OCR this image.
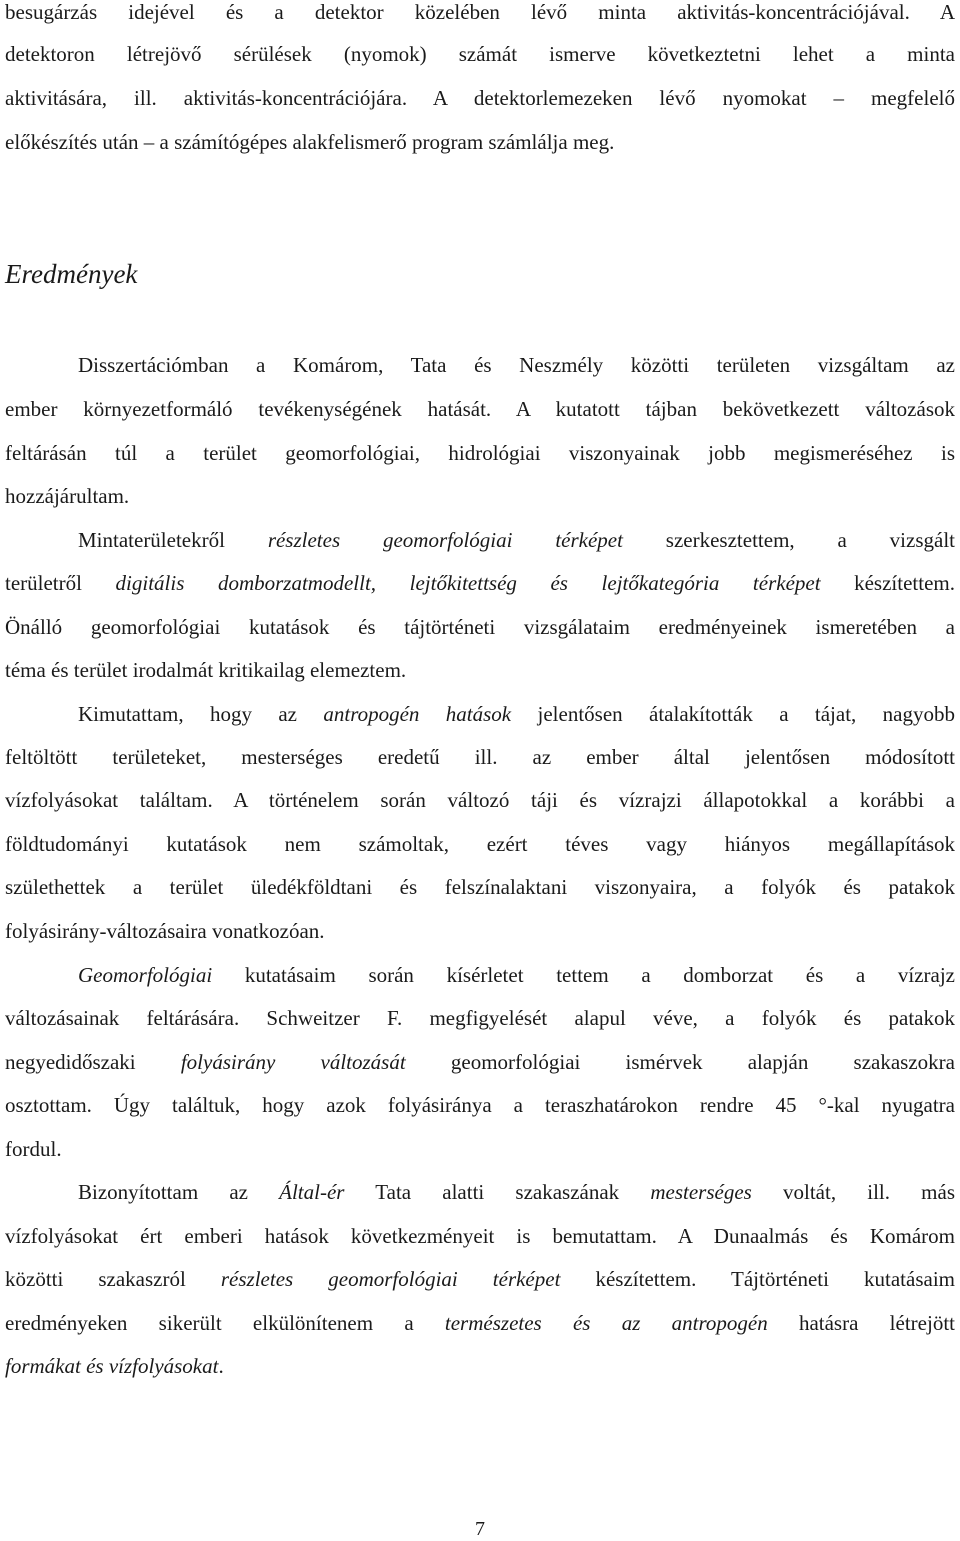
besugárzás idejével és a detektor közelében lévő minta aktivitás-koncentrációjával. A
detektoron létrejövő sérülések (nyomok) számát ismerve következtetni lehet a minta
aktivitására, ill. aktivitás-koncentrációjára. A detektorlemezeken lévő nyomokat – megfelelő
előkészítés után – a számítógépes alakfelismerő program számlálja meg.
Eredmények
Disszertációmban a Komárom, Tata és Neszmély közötti területen vizsgáltam az
ember környezetformáló tevékenységének hatását. A kutatott tájban bekövetkezett változások
feltárásán túl a terület geomorfológiai, hidrológiai viszonyainak jobb megismeréséhez is
hozzájárultam.
Mintaterületekről részletes geomorfológiai térképet szerkesztettem, a vizsgált
területről digitális domborzatmodellt, lejtőkitettség és lejtőkategória térképet készítettem.
Önálló geomorfológiai kutatások és tájtörténeti vizsgálataim eredményeinek ismeretében a
téma és terület irodalmát kritikailag elemeztem.
Kimutattam, hogy az antropogén hatások jelentősen átalakították a tájat, nagyobb
feltöltött területeket, mesterséges eredetű ill. az ember által jelentősen módosított
vízfolyásokat találtam. A történelem során változó táji és vízrajzi állapotokkal a korábbi a
földtudományi kutatások nem számoltak, ezért téves vagy hiányos megállapítások
születhettek a terület üledékföldtani és felszínalaktani viszonyaira, a folyók és patakok
folyásirány-változásaira vonatkozóan.
Geomorfológiai kutatásaim során kísérletet tettem a domborzat és a vízrajz
változásainak feltárására. Schweitzer F. megfigyelését alapul véve, a folyók és patakok
negyedidőszaki folyásirány változását geomorfológiai ismérvek alapján szakaszokra
osztottam. Úgy találtuk, hogy azok folyásiránya a teraszhatárokon rendre 45 °-kal nyugatra
fordul.
Bizonyítottam az Által-ér Tata alatti szakaszának mesterséges voltát, ill. más
vízfolyásokat ért emberi hatások következményeit is bemutattam. A Dunaalmás és Komárom
közötti szakaszról részletes geomorfológiai térképet készítettem. Tájtörténeti kutatásaim
eredményeken sikerült elkülönítenem a természetes és az antropogén hatásra létrejött
formákat és vízfolyásokat.
7
